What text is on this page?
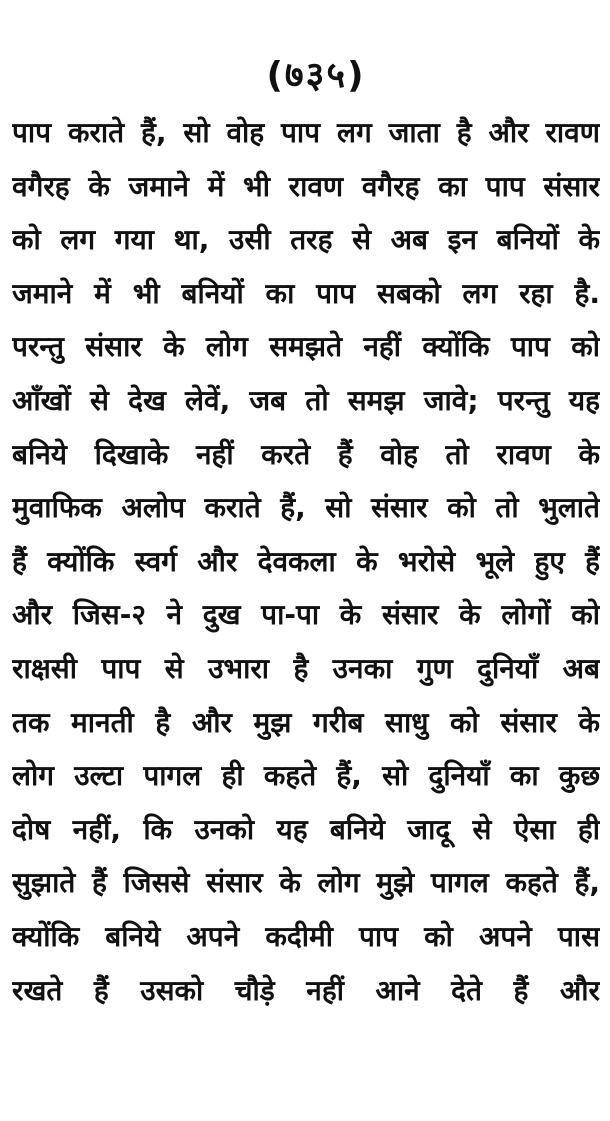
(७३५)
पाप कराते हैं, सो वोह पाप लग जाता है और रावण
वगैरह के जमाने में भी रावण वगैरह का पाप संसार
को लग गया था, उसी तरह से अब इन बनियों के
जमाने में भी बनियों का पाप सबको लग रहा है.
परन्तु संसार के लोग समझते नहीं क्योंकि पाप को
आँखों से देख लेवें, जब तो समझ जावे; परन्तु यह
बनिये दिखाके नहीं करते हैं वोह तो रावण के
मुवाफिक अलोप कराते हैं, सो संसार को तो भुलाते
हैं क्योंकि स्वर्ग और देवकला के भरोसे भूले हुए हैं
और जिस-२ ने दुख पा-पा के संसार के लोगों को
राक्षसी पाप से उभारा है उनका गुण दुनियाँ अब
तक मानती है और मुझ गरीब साधु को संसार के
लोग उल्टा पागल ही कहते हैं, सो दुनियाँ का कुछ
दोष नहीं, कि उनको यह बनिये जादू से ऐसा ही
सुझाते हैं जिससे संसार के लोग मुझे पागल कहते हैं,
क्योंकि बनिये अपने कदीमी पाप को अपने पास
रखते हैं उसको चौड़े नहीं आने देते हैं और
